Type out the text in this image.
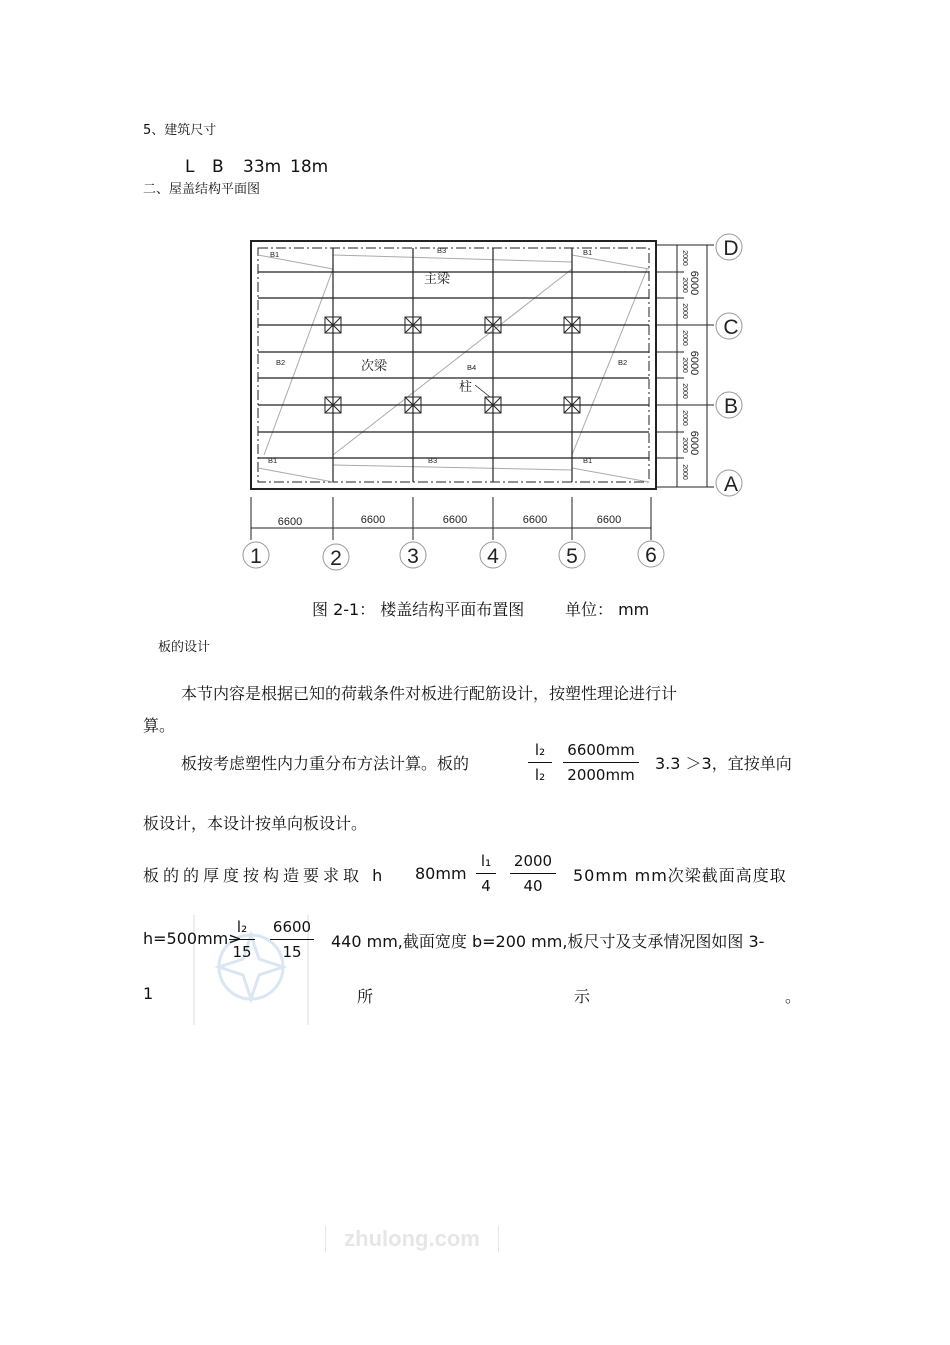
5、建筑尺寸
L B 33m 18m
二、屋盖结构平面图
B1	B3	B1
B2
B4
B2
B1	B3	B1
主梁
次梁
柱
6600	6600	6600	6600	6600
1	2	3	4	5	6
2000
2000
2000
2000
2000
2000
2000
2000
2000
6000
6000
6000
D
C
B
A
图 2-1： 楼盖结构平面布置图	单位： mm
板的设计
本节内容是根据已知的荷载条件对板进行配筋设计，按塑性理论进行计
算。
板按考虑塑性内力重分布方法计算。板的
l₂
l₂
6600mm
2000mm
3.3 ＞3，宜按单向
板设计，本设计按单向板设计。
板的的厚度按构造要求取 h 80mm
l₁
4
2000
40
50mm mm次梁截面高度取
h=500mm>
l₂
15
6600
15
440 mm,截面宽度 b=200 mm,板尺寸及支承情况图如图 3-
1	所	示	。
zhulong.com
